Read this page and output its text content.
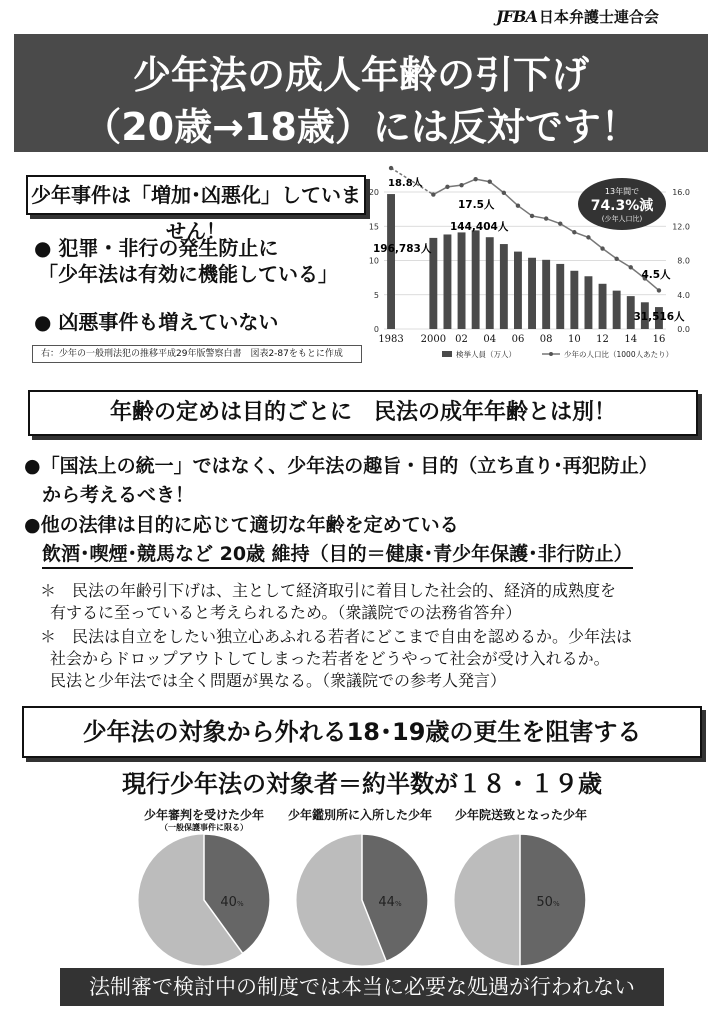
JFBA 日本弁護士連合会
少年法の成人年齢の引下げ
（20歳→18歳）には反対です！
少年事件は「増加･凶悪化」していません！
● 犯罪・非行の発生防止に
「少年法は有効に機能している」
● 凶悪事件も増えていない
右：少年の一般刑法犯の推移平成29年版警察白書　図表2-87をもとに作成
0
5
10
15
20
0.0
4.0
8.0
12.0
16.0
1983 2000 02 04 06 08 10 12 14 16
検挙人員（万人）	少年の人口比（1000人あたり）
18.8人
196,783人
17.5人
144,404人
4.5人
31,516人
13年間で
74.3%減
(少年人口比)
年齢の定めは目的ごとに　民法の成年年齢とは別！
●「国法上の統一」ではなく、少年法の趣旨・目的（立ち直り･再犯防止）
から考えるべき！
●他の法律は目的に応じて適切な年齢を定めている
飲酒･喫煙･競馬など 20歳 維持（目的＝健康･青少年保護･非行防止）
＊　民法の年齢引下げは、主として経済取引に着目した社会的、経済的成熟度を
有するに至っていると考えられるため。（衆議院での法務省答弁）
＊　民法は自立をしたい独立心あふれる若者にどこまで自由を認めるか。少年法は
社会からドロップアウトしてしまった若者をどうやって社会が受け入れるか。
民法と少年法では全く問題が異なる。（衆議院での参考人発言）
少年法の対象から外れる18･19歳の更生を阻害する
現行少年法の対象者＝約半数が１８・１９歳
少年審判を受けた少年
（一般保護事件に限る）
少年鑑別所に入所した少年	少年院送致となった少年
40%	44%	50%
法制審で検討中の制度では本当に必要な処遇が行われない
